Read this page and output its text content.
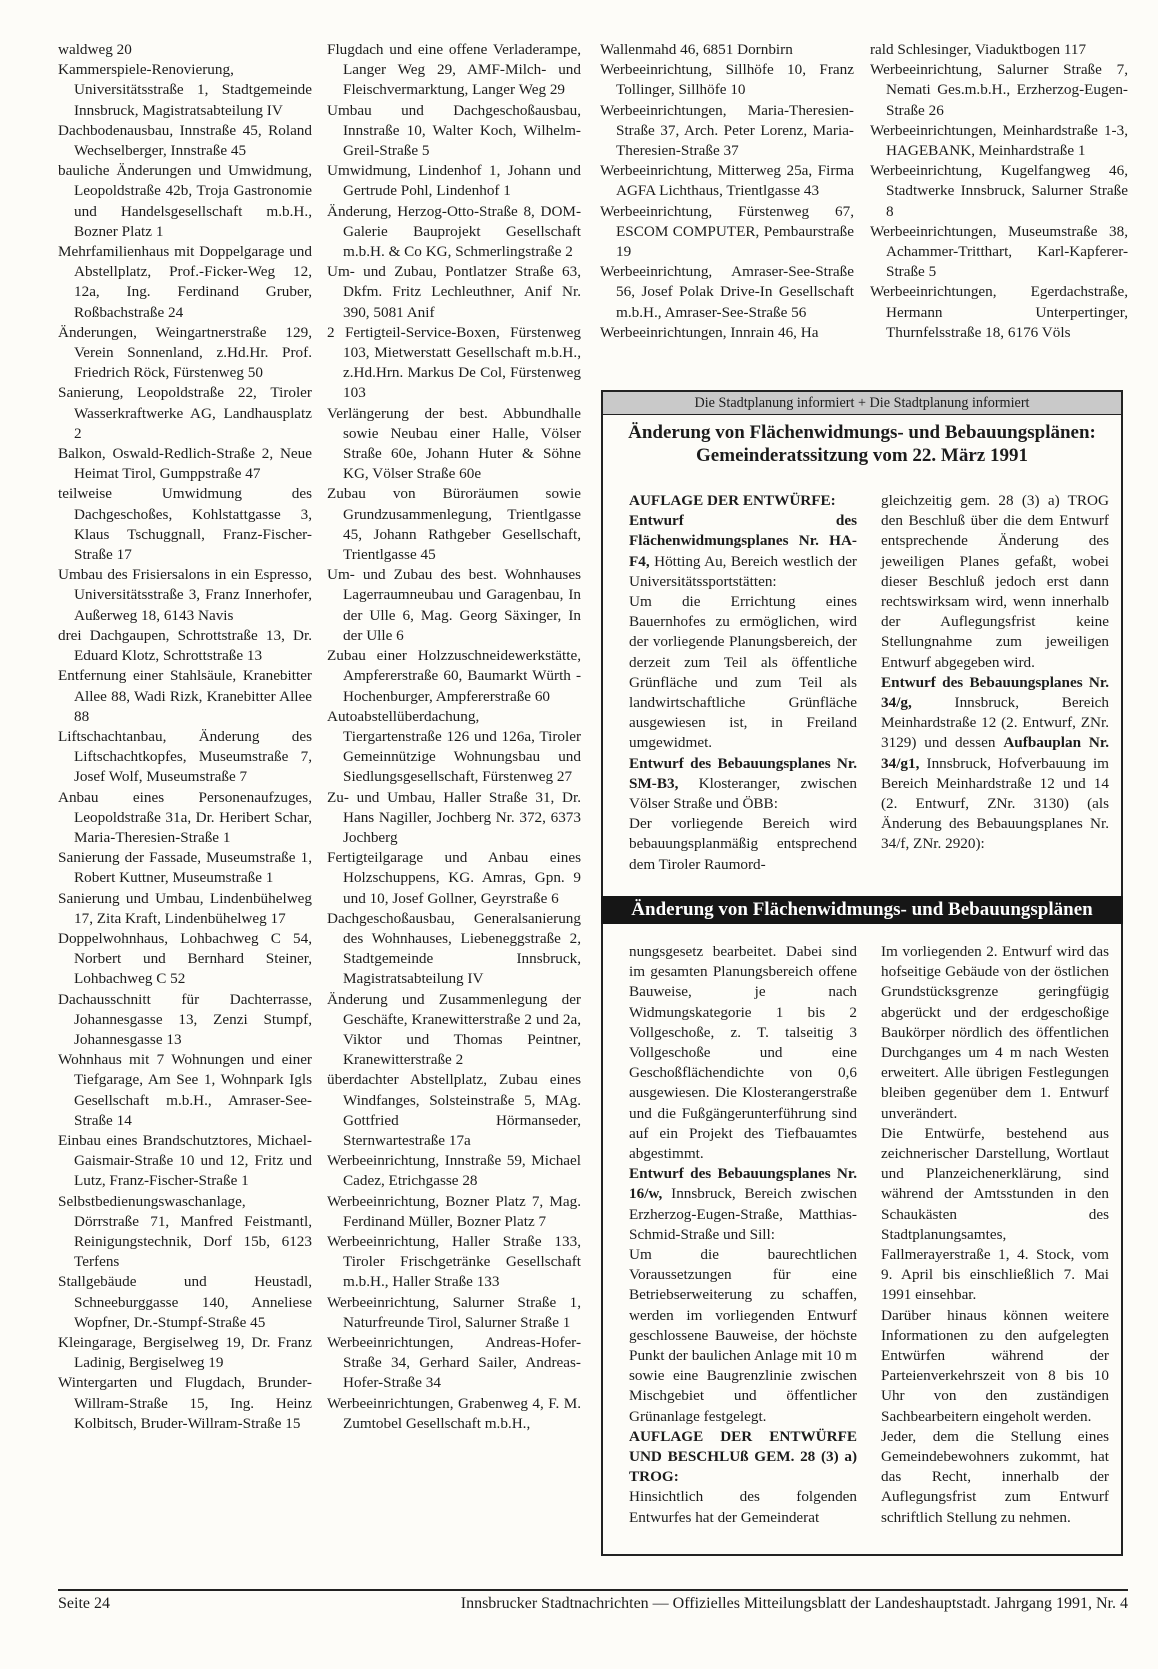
waldweg 20

Kammerspiele-Renovierung, Universitätsstraße 1, Stadtgemeinde Innsbruck, Magistratsabteilung IV

Dachbodenausbau, Innstraße 45, Roland Wechselberger, Innstraße 45

bauliche Änderungen und Umwidmung, Leopoldstraße 42b, Troja Gastronomie und Handelsgesellschaft m.b.H., Bozner Platz 1

Mehrfamilienhaus mit Doppelgarage und Abstellplatz, Prof.-Ficker-Weg 12, 12a, Ing. Ferdinand Gruber, Roßbachstraße 24

Änderungen, Weingartnerstraße 129, Verein Sonnenland, z.Hd.Hr. Prof. Friedrich Röck, Fürstenweg 50

Sanierung, Leopoldstraße 22, Tiroler Wasserkraftwerke AG, Landhausplatz 2

Balkon, Oswald-Redlich-Straße 2, Neue Heimat Tirol, Gumppstraße 47

teilweise Umwidmung des Dachgeschoßes, Kohlstattgasse 3, Klaus Tschuggnall, Franz-Fischer-Straße 17

Umbau des Frisiersalons in ein Espresso, Universitätsstraße 3, Franz Innerhofer, Außerweg 18, 6143 Navis

drei Dachgaupen, Schrottstraße 13, Dr. Eduard Klotz, Schrottstraße 13

Entfernung einer Stahlsäule, Kranebitter Allee 88, Wadi Rizk, Kranebitter Allee 88

Liftschachtanbau, Änderung des Liftschachtkopfes, Museumstraße 7, Josef Wolf, Museumstraße 7

Anbau eines Personenaufzuges, Leopoldstraße 31a, Dr. Heribert Schar, Maria-Theresien-Straße 1

Sanierung der Fassade, Museumstraße 1, Robert Kuttner, Museumstraße 1

Sanierung und Umbau, Lindenbühelweg 17, Zita Kraft, Lindenbühelweg 17

Doppelwohnhaus, Lohbachweg C 54, Norbert und Bernhard Steiner, Lohbachweg C 52

Dachausschnitt für Dachterrasse, Johannesgasse 13, Zenzi Stumpf, Johannesgasse 13

Wohnhaus mit 7 Wohnungen und einer Tiefgarage, Am See 1, Wohnpark Igls Gesellschaft m.b.H., Amraser-See-Straße 14

Einbau eines Brandschutztores, Michael-Gaismair-Straße 10 und 12, Fritz und Lutz, Franz-Fischer-Straße 1

Selbstbedienungswaschanlage, Dörrstraße 71, Manfred Feistmantl, Reinigungstechnik, Dorf 15b, 6123 Terfens

Stallgebäude und Heustadl, Schneeburggasse 140, Anneliese Wopfner, Dr.-Stumpf-Straße 45

Kleingarage, Bergiselweg 19, Dr. Franz Ladinig, Bergiselweg 19

Wintergarten und Flugdach, Brunder-Willram-Straße 15, Ing. Heinz Kolbitsch, Bruder-Willram-Straße 15

Flugdach und eine offene Verladerampe, Langer Weg 29, AMF-Milch- und Fleischvermarktung, Langer Weg 29

Umbau und Dachgeschoßausbau, Innstraße 10, Walter Koch, Wilhelm-Greil-Straße 5

Umwidmung, Lindenhof 1, Johann und Gertrude Pohl, Lindenhof 1

Änderung, Herzog-Otto-Straße 8, DOM-Galerie Bauprojekt Gesellschaft m.b.H. & Co KG, Schmerlingstraße 2

Um- und Zubau, Pontlatzer Straße 63, Dkfm. Fritz Lechleuthner, Anif Nr. 390, 5081 Anif

2 Fertigteil-Service-Boxen, Fürstenweg 103, Mietwerstatt Gesellschaft m.b.H., z.Hd.Hrn. Markus De Col, Fürstenweg 103

Verlängerung der best. Abbundhalle sowie Neubau einer Halle, Völser Straße 60e, Johann Huter & Söhne KG, Völser Straße 60e

Zubau von Büroräumen sowie Grundzusammenlegung, Trientlgasse 45, Johann Rathgeber Gesellschaft, Trientlgasse 45

Um- und Zubau des best. Wohnhauses Lagerraumneubau und Garagenbau, In der Ulle 6, Mag. Georg Säxinger, In der Ulle 6

Zubau einer Holzzuschneidewerkstätte, Ampfererstraße 60, Baumarkt Würth - Hochenburger, Ampfererstraße 60

Autoabstellüberdachung, Tiergartenstraße 126 und 126a, Tiroler Gemeinnützige Wohnungsbau und Siedlungsgesellschaft, Fürstenweg 27

Zu- und Umbau, Haller Straße 31, Dr. Hans Nagiller, Jochberg Nr. 372, 6373 Jochberg

Fertigteilgarage und Anbau eines Holzschuppens, KG. Amras, Gpn. 9 und 10, Josef Gollner, Geyrstraße 6

Dachgeschoßausbau, Generalsanierung des Wohnhauses, Liebeneggstraße 2, Stadtgemeinde Innsbruck, Magistratsabteilung IV

Änderung und Zusammenlegung der Geschäfte, Kranewitterstraße 2 und 2a, Viktor und Thomas Peintner, Kranewitterstraße 2

überdachter Abstellplatz, Zubau eines Windfanges, Solsteinstraße 5, MAg. Gottfried Hörmanseder, Sternwartestraße 17a

Werbeeinrichtung, Innstraße 59, Michael Cadez, Etrichgasse 28

Werbeeinrichtung, Bozner Platz 7, Mag. Ferdinand Müller, Bozner Platz 7

Werbeeinrichtung, Haller Straße 133, Tiroler Frischgetränke Gesellschaft m.b.H., Haller Straße 133

Werbeeinrichtung, Salurner Straße 1, Naturfreunde Tirol, Salurner Straße 1

Werbeeinrichtungen, Andreas-Hofer-Straße 34, Gerhard Sailer, Andreas-Hofer-Straße 34

Werbeeinrichtungen, Grabenweg 4, F. M. Zumtobel Gesellschaft m.b.H.,

Wallenmahd 46, 6851 Dornbirn

Werbeeinrichtung, Sillhöfe 10, Franz Tollinger, Sillhöfe 10

Werbeeinrichtungen, Maria-Theresien-Straße 37, Arch. Peter Lorenz, Maria-Theresien-Straße 37

Werbeeinrichtung, Mitterweg 25a, Firma AGFA Lichthaus, Trientlgasse 43

Werbeeinrichtung, Fürstenweg 67, ESCOM COMPUTER, Pembaurstraße 19

Werbeeinrichtung, Amraser-See-Straße 56, Josef Polak Drive-In Gesellschaft m.b.H., Amraser-See-Straße 56

Werbeeinrichtungen, Innrain 46, Ha

rald Schlesinger, Viaduktbogen 117

Werbeeinrichtung, Salurner Straße 7, Nemati Ges.m.b.H., Erzherzog-Eugen-Straße 26

Werbeeinrichtungen, Meinhardstraße 1-3, HAGEBANK, Meinhardstraße 1

Werbeeinrichtung, Kugelfangweg 46, Stadtwerke Innsbruck, Salurner Straße 8

Werbeeinrichtungen, Museumstraße 38, Achammer-Tritthart, Karl-Kapferer-Straße 5

Werbeeinrichtungen, Egerdachstraße, Hermann Unterpertinger, Thurnfelsstraße 18, 6176 Völs

Die Stadtplanung informiert + Die Stadtplanung informiert
Änderung von Flächenwidmungs- und Bebauungsplänen:
Gemeinderatssitzung vom 22. März 1991

AUFLAGE DER ENTWÜRFE:

Entwurf des Flächenwidmungsplanes Nr. HA-F4, Hötting Au, Bereich westlich der Universitätssportstätten:

Um die Errichtung eines Bauernhofes zu ermöglichen, wird der vorliegende Planungsbereich, der derzeit zum Teil als öffentliche Grünfläche und zum Teil als landwirtschaftliche Grünfläche ausgewiesen ist, in Freiland umgewidmet.

Entwurf des Bebauungsplanes Nr. SM-B3, Klosteranger, zwischen Völser Straße und ÖBB:

Der vorliegende Bereich wird bebauungsplanmäßig entsprechend dem Tiroler Raumord-

gleichzeitig gem. 28 (3) a) TROG den Beschluß über die dem Entwurf entsprechende Änderung des jeweiligen Planes gefaßt, wobei dieser Beschluß jedoch erst dann rechtswirksam wird, wenn innerhalb der Auflegungsfrist keine Stellungnahme zum jeweiligen Entwurf abgegeben wird.

Entwurf des Bebauungsplanes Nr. 34/g,	Innsbruck, Bereich Meinhardstraße 12 (2. Entwurf, ZNr. 3129) und dessen Aufbauplan Nr. 34/g1, Innsbruck, Hofverbauung im Bereich Meinhardstraße 12 und 14 (2. Entwurf, ZNr. 3130) (als Änderung des Bebauungsplanes Nr. 34/f, ZNr. 2920):

Änderung von Flächenwidmungs- und Bebauungsplänen

nungsgesetz bearbeitet. Dabei sind im gesamten Planungsbereich offene Bauweise, je nach Widmungskategorie 1 bis 2 Vollgeschoße, z. T. talseitig 3 Vollgeschoße und eine Geschoßflächendichte von 0,6 ausgewiesen. Die Klosterangerstraße und die Fußgängerunterführung sind auf ein Projekt des Tiefbauamtes abgestimmt.

Entwurf des Bebauungsplanes Nr. 16/w, Innsbruck, Bereich zwischen Erzherzog-Eugen-Straße, Matthias-Schmid-Straße und Sill:

Um die baurechtlichen Voraussetzungen für eine Betriebserweiterung zu schaffen, werden im vorliegenden Entwurf geschlossene Bauweise, der höchste Punkt der baulichen Anlage mit 10 m sowie eine Baugrenzlinie zwischen Mischgebiet und öffentlicher Grünanlage festgelegt.

AUFLAGE DER ENTWÜRFE UND BESCHLUß GEM. 28 (3) a) TROG:

Hinsichtlich des folgenden Entwurfes hat der Gemeinderat

Im vorliegenden 2. Entwurf wird das hofseitige Gebäude von der östlichen Grundstücksgrenze geringfügig abgerückt und der erdgeschoßige Baukörper nördlich des öffentlichen Durchganges um 4 m nach Westen erweitert. Alle übrigen Festlegungen bleiben gegenüber dem 1. Entwurf unverändert.

Die Entwürfe, bestehend aus zeichnerischer Darstellung, Wortlaut und Planzeichenerklärung, sind während der Amtsstunden in den Schaukästen des Stadtplanungsamtes, Fallmerayerstraße 1, 4. Stock, vom 9. April bis einschließlich 7. Mai 1991 einsehbar.

Darüber hinaus können weitere Informationen zu den aufgelegten Entwürfen während der Parteienverkehrszeit von 8 bis 10 Uhr von den zuständigen Sachbearbeitern eingeholt werden.

Jeder, dem die Stellung eines Gemeindebewohners zukommt, hat das Recht, innerhalb der Auflegungsfrist zum Entwurf schriftlich Stellung zu nehmen.

Seite 24	Innsbrucker Stadtnachrichten — Offizielles Mitteilungsblatt der Landeshauptstadt. Jahrgang 1991, Nr. 4
